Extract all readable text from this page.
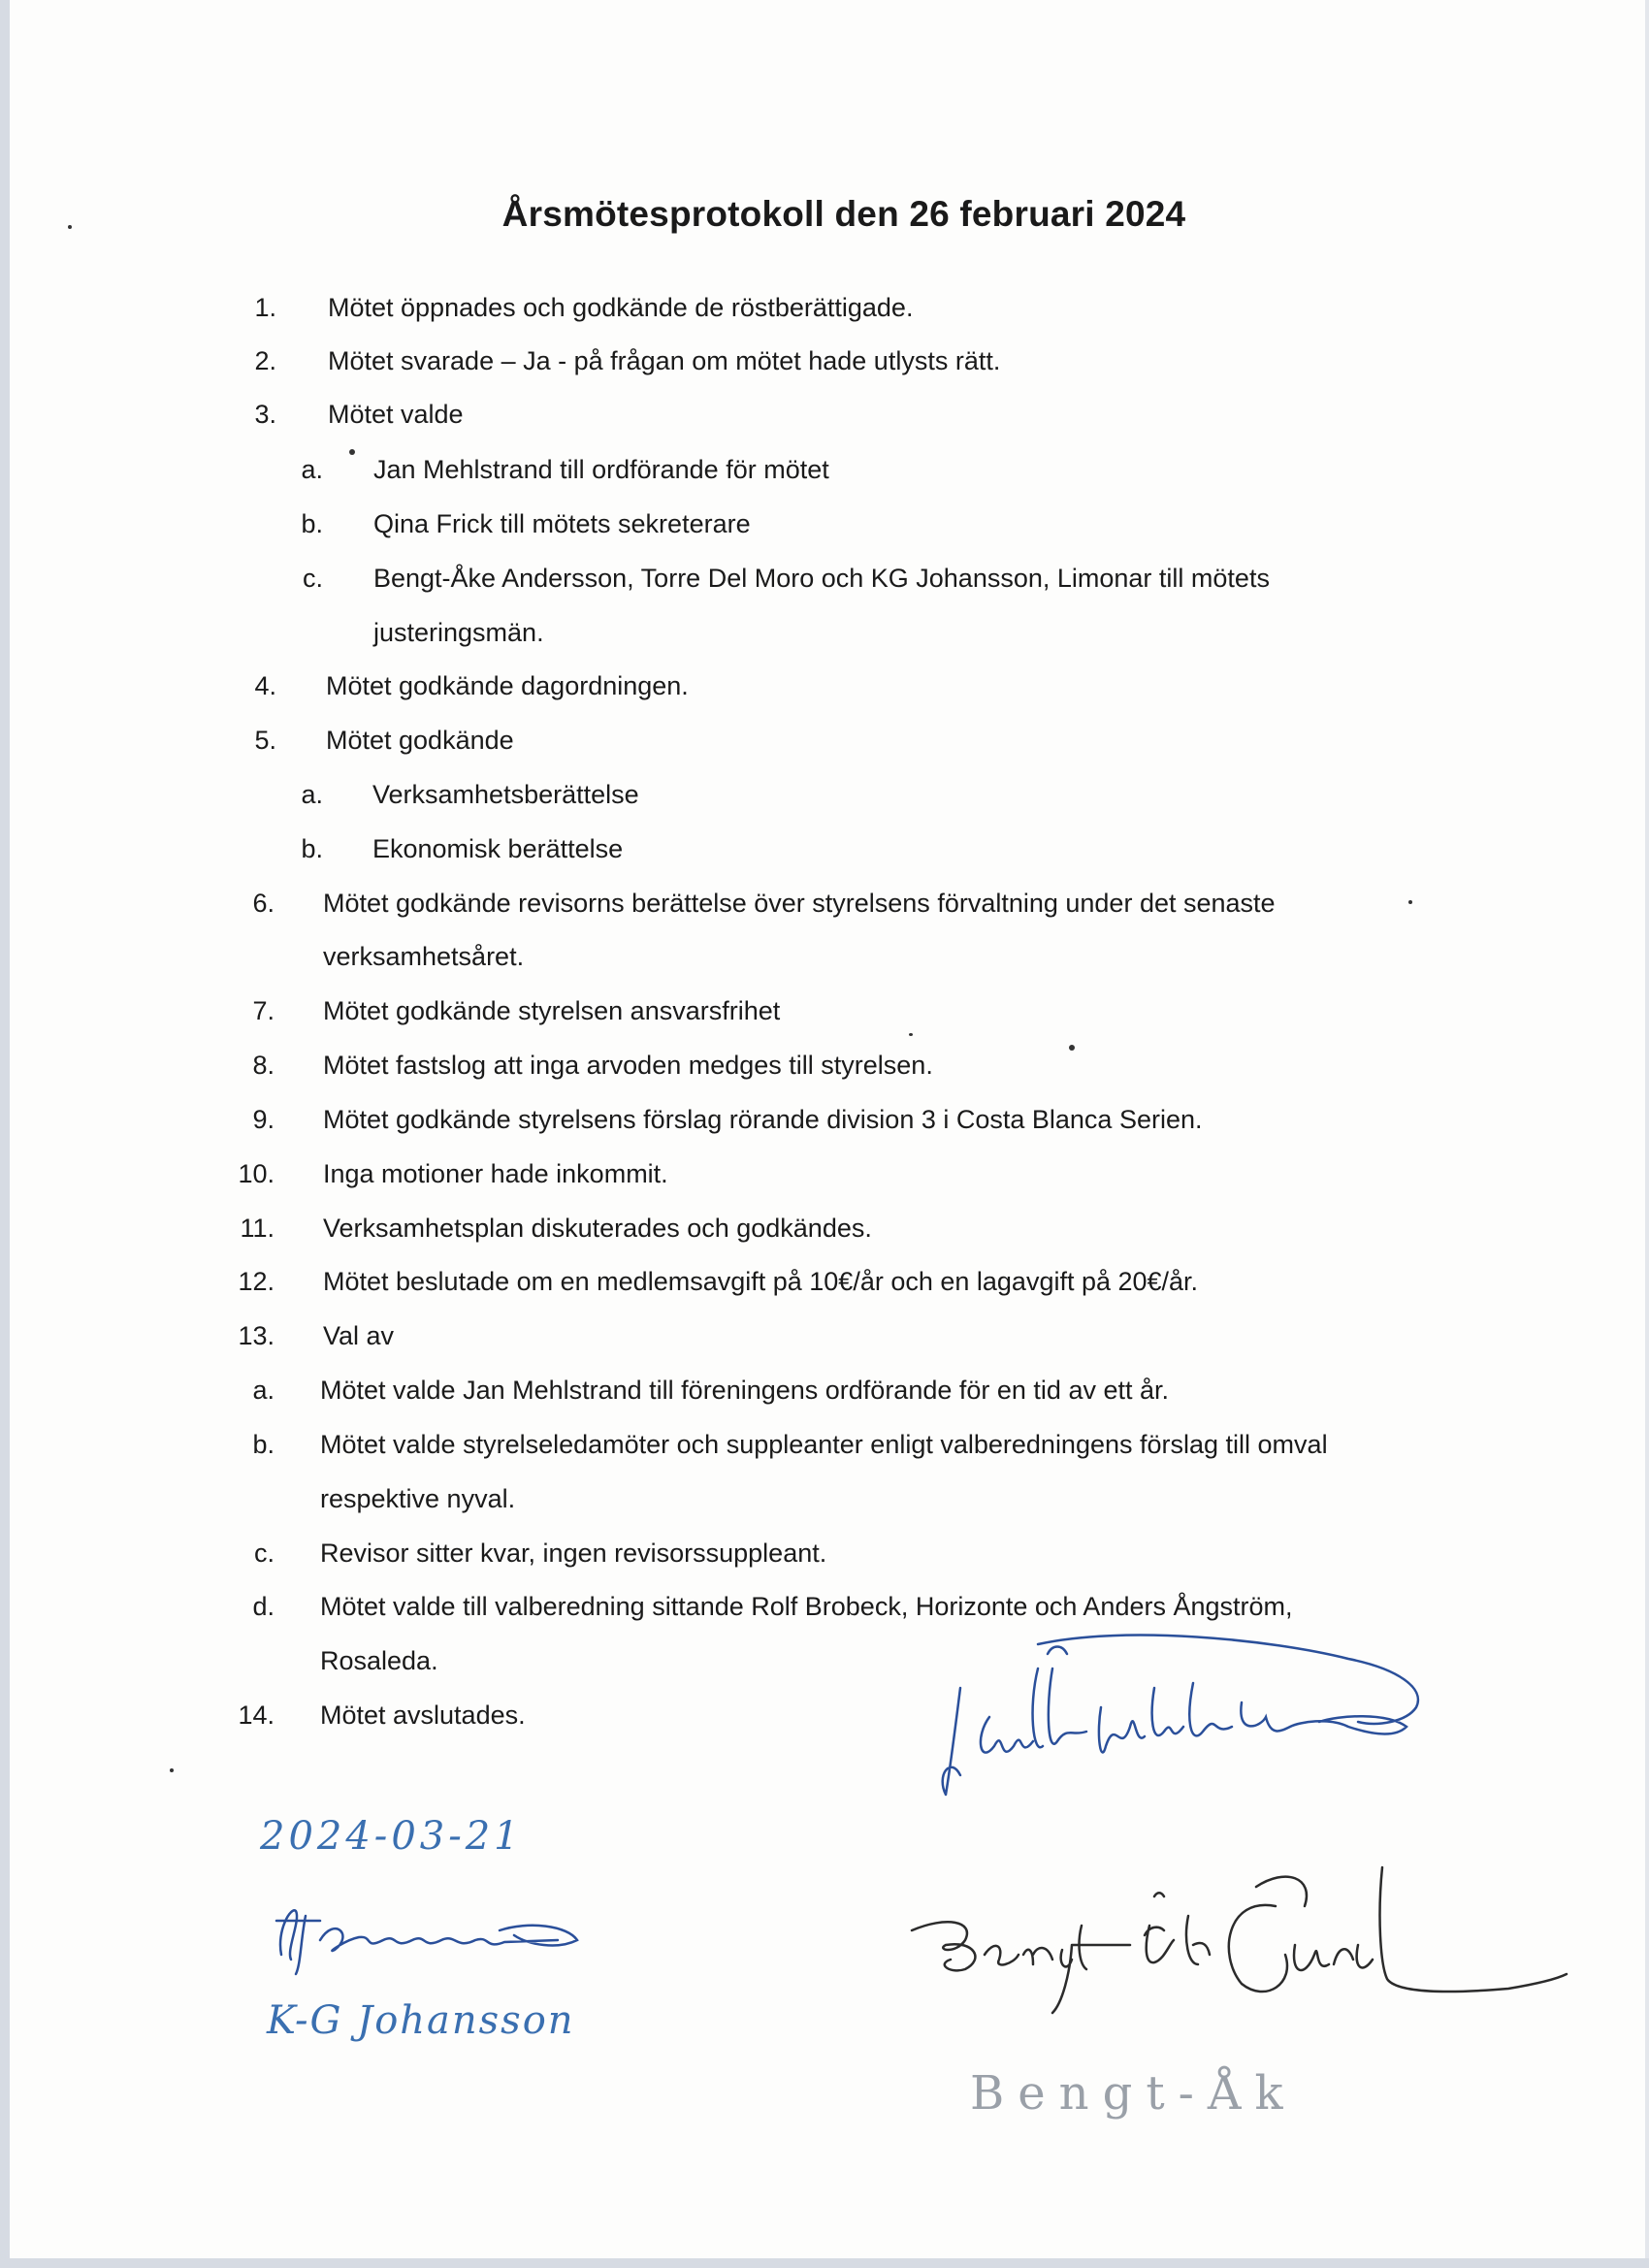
Årsmötesprotokoll den 26 februari 2024
1. Mötet öppnades och godkände de röstberättigade.
2. Mötet svarade – Ja - på frågan om mötet hade utlysts rätt.
3. Mötet valde
a. Jan Mehlstrand till ordförande för mötet
b. Qina Frick till mötets sekreterare
c. Bengt-Åke Andersson, Torre Del Moro och KG Johansson, Limonar till mötets
justeringsmän.
4. Mötet godkände dagordningen.
5. Mötet godkände
a. Verksamhetsberättelse
b. Ekonomisk berättelse
6. Mötet godkände revisorns berättelse över styrelsens förvaltning under det senaste
verksamhetsåret.
7. Mötet godkände styrelsen ansvarsfrihet
8. Mötet fastslog att inga arvoden medges till styrelsen.
9. Mötet godkände styrelsens förslag rörande division 3 i Costa Blanca Serien.
10. Inga motioner hade inkommit.
11. Verksamhetsplan diskuterades och godkändes.
12. Mötet beslutade om en medlemsavgift på 10€/år och en lagavgift på 20€/år.
13. Val av
a. Mötet valde Jan Mehlstrand till föreningens ordförande för en tid av ett år.
b. Mötet valde styrelseledamöter och suppleanter enligt valberedningens förslag till omval
respektive nyval.
c. Revisor sitter kvar, ingen revisorssuppleant.
d. Mötet valde till valberedning sittande Rolf Brobeck, Horizonte och Anders Ångström,
Rosaleda.
14. Mötet avslutades.
2024-03-21
K-G Johansson
Bengt-Åk
